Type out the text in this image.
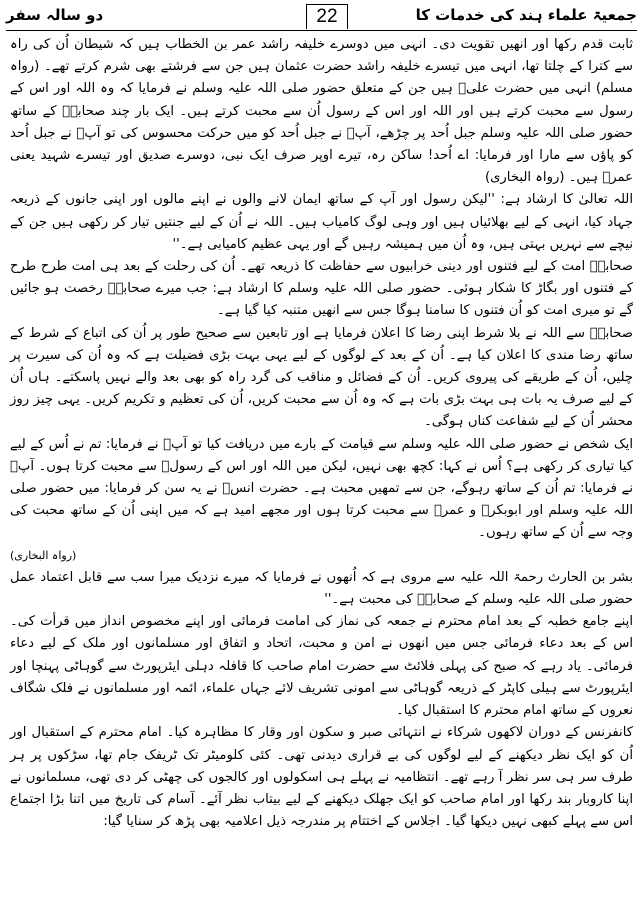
دو سالہ سفر	22	جمعیۃ علماء ہند کی خدمات کا

ثابت قدم رکھا اور انھیں تقویت دی۔ انہی میں دوسرے خلیفہ راشد عمر بن الخطاب ہیں کہ شیطان اُن کی راہ سے کترا کے چلتا تھا، انہی میں تیسرے خلیفہ راشد حضرت عثمان ہیں جن سے فرشتے بھی شرم کرتے تھے۔ (رواہ مسلم) انہی میں حضرت علیؓ ہیں جن کے متعلق حضور صلی اللہ علیہ وسلم نے فرمایا کہ وہ اللہ اور اس کے رسول سے محبت کرتے ہیں اور اللہ اور اس کے رسول اُن سے محبت کرتے ہیں۔ ایک بار چند صحابہؓ کے ساتھ حضور صلی اللہ علیہ وسلم جبل اُحد پر چڑھے، آپؐ نے جبل اُحد کو میں حرکت محسوس کی تو آپؐ نے جبل اُحد کو پاؤں سے مارا اور فرمایا: اے اُحد! ساکن رہ، تیرے اوپر صرف ایک نبی، دوسرے صدیق اور تیسرے شہید یعنی عمرؓ ہیں۔ (رواہ البخاری)

اللہ تعالیٰ کا ارشاد ہے: ''لیکن رسول اور آپ کے ساتھ ایمان لانے والوں نے اپنے مالوں اور اپنی جانوں کے ذریعہ جہاد کیا، انہی کے لیے بھلائیاں ہیں اور وہی لوگ کامیاب ہیں۔ اللہ نے اُن کے لیے جنتیں تیار کر رکھی ہیں جن کے نیچے سے نہریں بہتی ہیں، وہ اُن میں ہمیشہ رہیں گے اور یہی عظیم کامیابی ہے۔''

صحابہؓ امت کے لیے فتنوں اور دینی خرابیوں سے حفاظت کا ذریعہ تھے۔ اُن کی رحلت کے بعد ہی امت طرح طرح کے فتنوں اور بگاڑ کا شکار ہوئی۔ حضور صلی اللہ علیہ وسلم کا ارشاد ہے: جب میرے صحابہؓ رخصت ہو جائیں گے تو میری امت کو اُن فتنوں کا سامنا ہوگا جس سے انھیں متنبہ کیا گیا ہے۔

صحابہؓ سے اللہ نے بلا شرط اپنی رضا کا اعلان فرمایا ہے اور تابعین سے صحیح طور پر اُن کی اتباع کے شرط کے ساتھ رضا مندی کا اعلان کیا ہے۔ اُن کے بعد کے لوگوں کے لیے یہی بہت بڑی فضیلت ہے کہ وہ اُن کی سیرت پر چلیں، اُن کے طریقے کی پیروی کریں۔ اُن کے فضائل و مناقب کی گرد راہ کو بھی بعد والے نہیں پاسکتے۔ ہاں اُن کے لیے صرف یہ بات ہی بہت بڑی بات ہے کہ وہ اُن سے محبت کریں، اُن کی تعظیم و تکریم کریں۔ یہی چیز روز محشر اُن کے لیے شفاعت کناں ہوگی۔

ایک شخص نے حضور صلی اللہ علیہ وسلم سے قیامت کے بارے میں دریافت کیا تو آپؐ نے فرمایا: تم نے اُس کے لیے کیا تیاری کر رکھی ہے؟ اُس نے کہا: کچھ بھی نہیں، لیکن میں اللہ اور اس کے رسولؐ سے محبت کرتا ہوں۔ آپؐ نے فرمایا: تم اُن کے ساتھ رہوگے، جن سے تمھیں محبت ہے۔ حضرت انسؓ نے یہ سن کر فرمایا: میں حضور صلی اللہ علیہ وسلم اور ابوبکرؓ و عمرؓ سے محبت کرتا ہوں اور مجھے امید ہے کہ میں اپنی اُن کے ساتھ محبت کی وجہ سے اُن کے ساتھ رہوں۔

(رواہ البخاری)

بشر بن الحارث رحمۃ اللہ علیہ سے مروی ہے کہ اُنھوں نے فرمایا کہ میرے نزدیک میرا سب سے قابل اعتماد عمل حضور صلی اللہ علیہ وسلم کے صحابہؓ کی محبت ہے۔''

اپنے جامع خطبہ کے بعد امام محترم نے جمعہ کی نماز کی امامت فرمائی اور اپنے مخصوص انداز میں قرأت کی۔ اس کے بعد دعاء فرمائی جس میں انھوں نے امن و محبت، اتحاد و اتفاق اور مسلمانوں اور ملک کے لیے دعاء فرمائی۔ یاد رہے کہ صبح کی پہلی فلائٹ سے حضرت امام صاحب کا قافلہ دہلی ایئرپورٹ سے گوہاٹی پہنچا اور ایئرپورٹ سے ہیلی کاپٹر کے ذریعہ گوہاٹی سے امونی تشریف لائے جہاں علماء، ائمہ اور مسلمانوں نے فلک شگاف نعروں کے ساتھ امام محترم کا استقبال کیا۔

کانفرنس کے دوران لاکھوں شرکاء نے انتہائی صبر و سکون اور وقار کا مظاہرہ کیا۔ امام محترم کے استقبال اور اُن کو ایک نظر دیکھنے کے لیے لوگوں کی بے قراری دیدنی تھی۔ کئی کلومیٹر تک ٹریفک جام تھا، سڑکوں پر ہر طرف سر ہی سر نظر آ رہے تھے۔ انتظامیہ نے پہلے ہی اسکولوں اور کالجوں کی چھٹی کر دی تھی، مسلمانوں نے اپنا کاروبار بند رکھا اور امام صاحب کو ایک جھلک دیکھنے کے لیے بیتاب نظر آئے۔ آسام کی تاریخ میں اتنا بڑا اجتماع اس سے پہلے کبھی نہیں دیکھا گیا۔ اجلاس کے اختتام پر مندرجہ ذیل اعلامیہ بھی پڑھ کر سنایا گیا:
